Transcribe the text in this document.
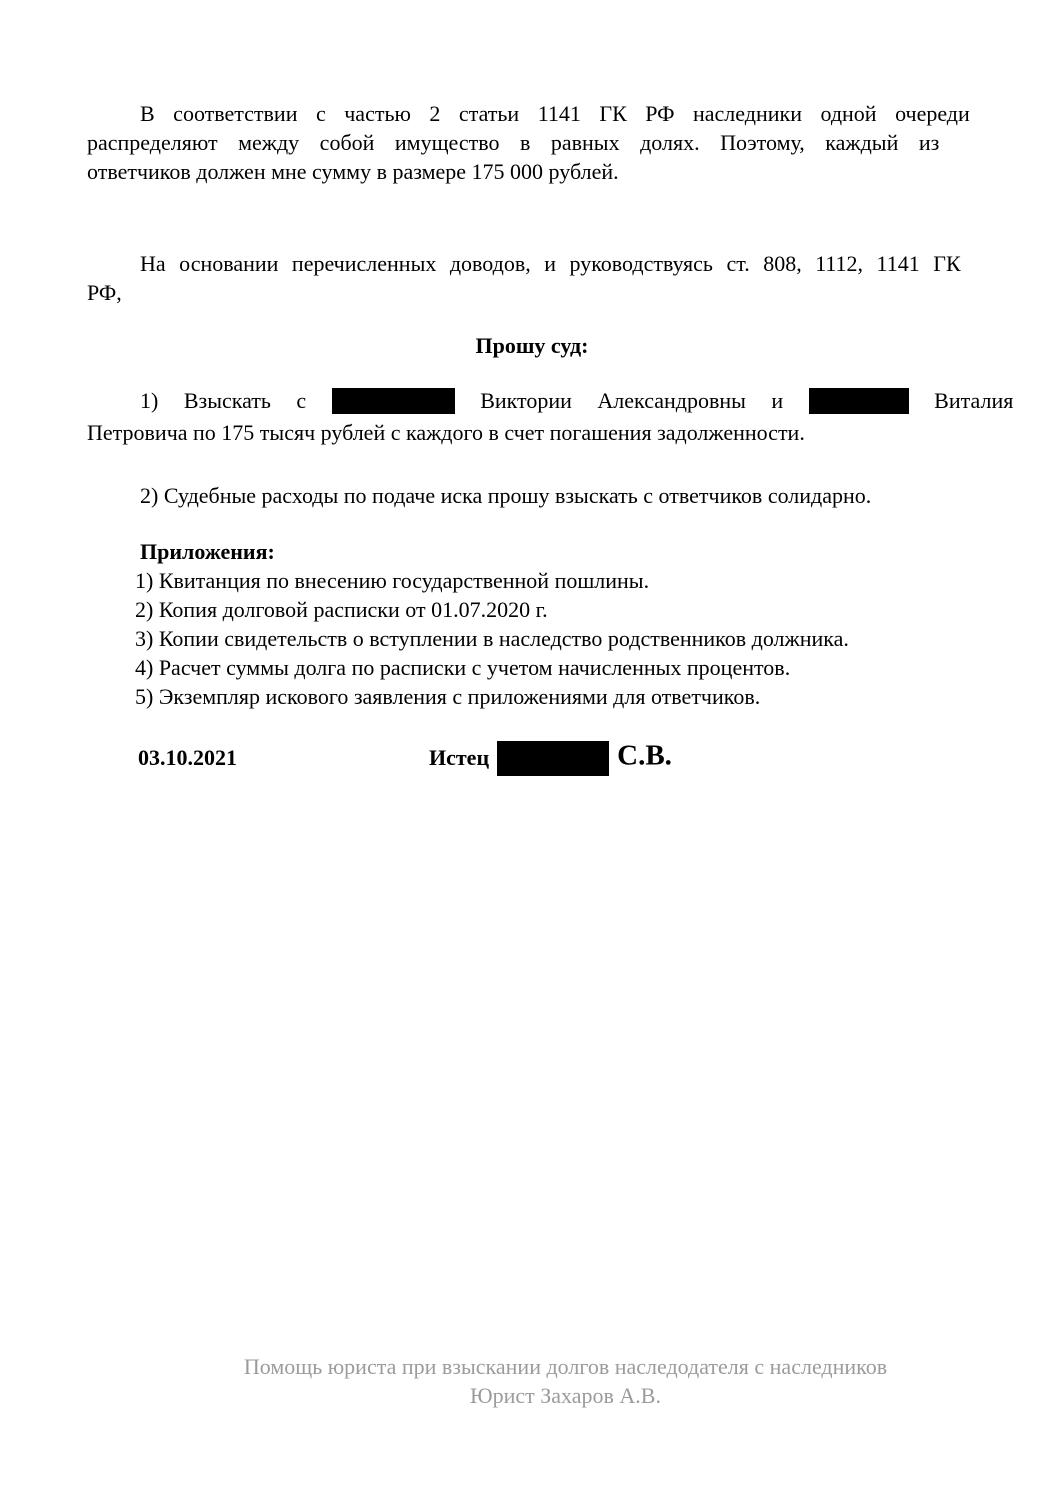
В соответствии с частью 2 статьи 1141 ГК РФ наследники одной очереди
распределяют между собой имущество в равных долях. Поэтому, каждый из
ответчиков должен мне сумму в размере 175 000 рублей.

На основании перечисленных доводов, и руководствуясь ст. 808, 1112, 1141 ГК
РФ,

Прошу суд:

1) Взыскать с	Виктории Александровны и	Виталия
Петровича по 175 тысяч рублей с каждого в счет погашения задолженности.

2) Судебные расходы по подаче иска прошу взыскать с ответчиков солидарно.

Приложения:

1) Квитанция по внесению государственной пошлины.

2) Копия долговой расписки от 01.07.2020 г.

3) Копии свидетельств о вступлении в наследство родственников должника.

4) Расчет суммы долга по расписки с учетом начисленных процентов.

5) Экземпляр искового заявления с приложениями для ответчиков.

03.10.2021	Истец	С.В.

Помощь юриста при взыскании долгов наследодателя с наследников

Юрист Захаров А.В.
